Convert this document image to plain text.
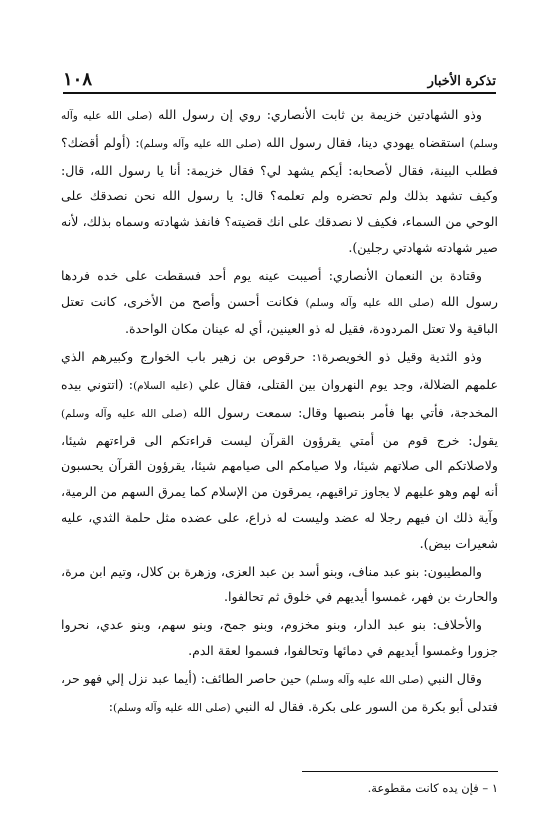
١٠٨	تذكرة الأخبار

وذو الشهادتين خزيمة بن ثابت الأنصاري: روي إن رسول الله (صلى الله عليه وآله وسلم) استقضاه يهودي دينا، فقال رسول الله (صلى الله عليه وآله وسلم): (أولم أقضك؟ فطلب البينة، فقال لأصحابه: أيكم يشهد لي؟ فقال خزيمة: أنا يا رسول الله، قال: وكيف تشهد بذلك ولم تحضره ولم تعلمه؟ قال: يا رسول الله نحن نصدقك على الوحي من السماء، فكيف لا نصدقك على انك قضيته؟ فانفذ شهادته وسماه بذلك، لأنه صير شهادته شهادتي رجلين).

وقتادة بن النعمان الأنصاري: أصيبت عينه يوم أحد فسقطت على خده فردها رسول الله (صلى الله عليه وآله وسلم) فكانت أحسن وأصح من الأخرى، كانت تعتل الباقية ولا تعتل المردودة، فقيل له ذو العينين، أي له عينان مكان الواحدة.

وذو الثدية وقيل ذو الخويصرة١: حرقوص بن زهير باب الخوارج وكبيرهم الذي علمهم الضلالة، وجد يوم النهروان بين القتلى، فقال علي (عليه السلام): (اتتوني بيده المخدجة، فأتي بها فأمر بنصبها وقال: سمعت رسول الله (صلى الله عليه وآله وسلم) يقول: خرج قوم من أمتي يقرؤون القرآن ليست قراءتكم الى قراءتهم شيئا، ولاصلاتكم الى صلاتهم شيئا، ولا صيامكم الى صيامهم شيئا، يقرؤون القرآن يحسبون أنه لهم وهو عليهم لا يجاوز تراقيهم، يمرقون من الإسلام كما يمرق السهم من الرمية، وآية ذلك ان فيهم رجلا له عضد وليست له ذراع، على عضده مثل حلمة الثدي، عليه شعيرات بيض).

والمطيبون: بنو عبد مناف، وبنو أسد بن عبد العزى، وزهرة بن كلال، وتيم ابن مرة، والحارث بن فهر، غمسوا أيديهم في خلوق ثم تحالفوا.

والأحلاف: بنو عبد الدار، وبنو مخزوم، وبنو جمح، وبنو سهم، وبنو عدي، نحروا جزورا وغمسوا أيديهم في دمائها وتحالفوا، فسموا لعقة الدم.

وقال النبي (صلى الله عليه وآله وسلم) حين حاصر الطائف: (أيما عبد نزل إلي فهو حر، فتدلى أبو بكرة من السور على بكرة. فقال له النبي (صلى الله عليه وآله وسلم):

١ – فإن يده كانت مقطوعة.
